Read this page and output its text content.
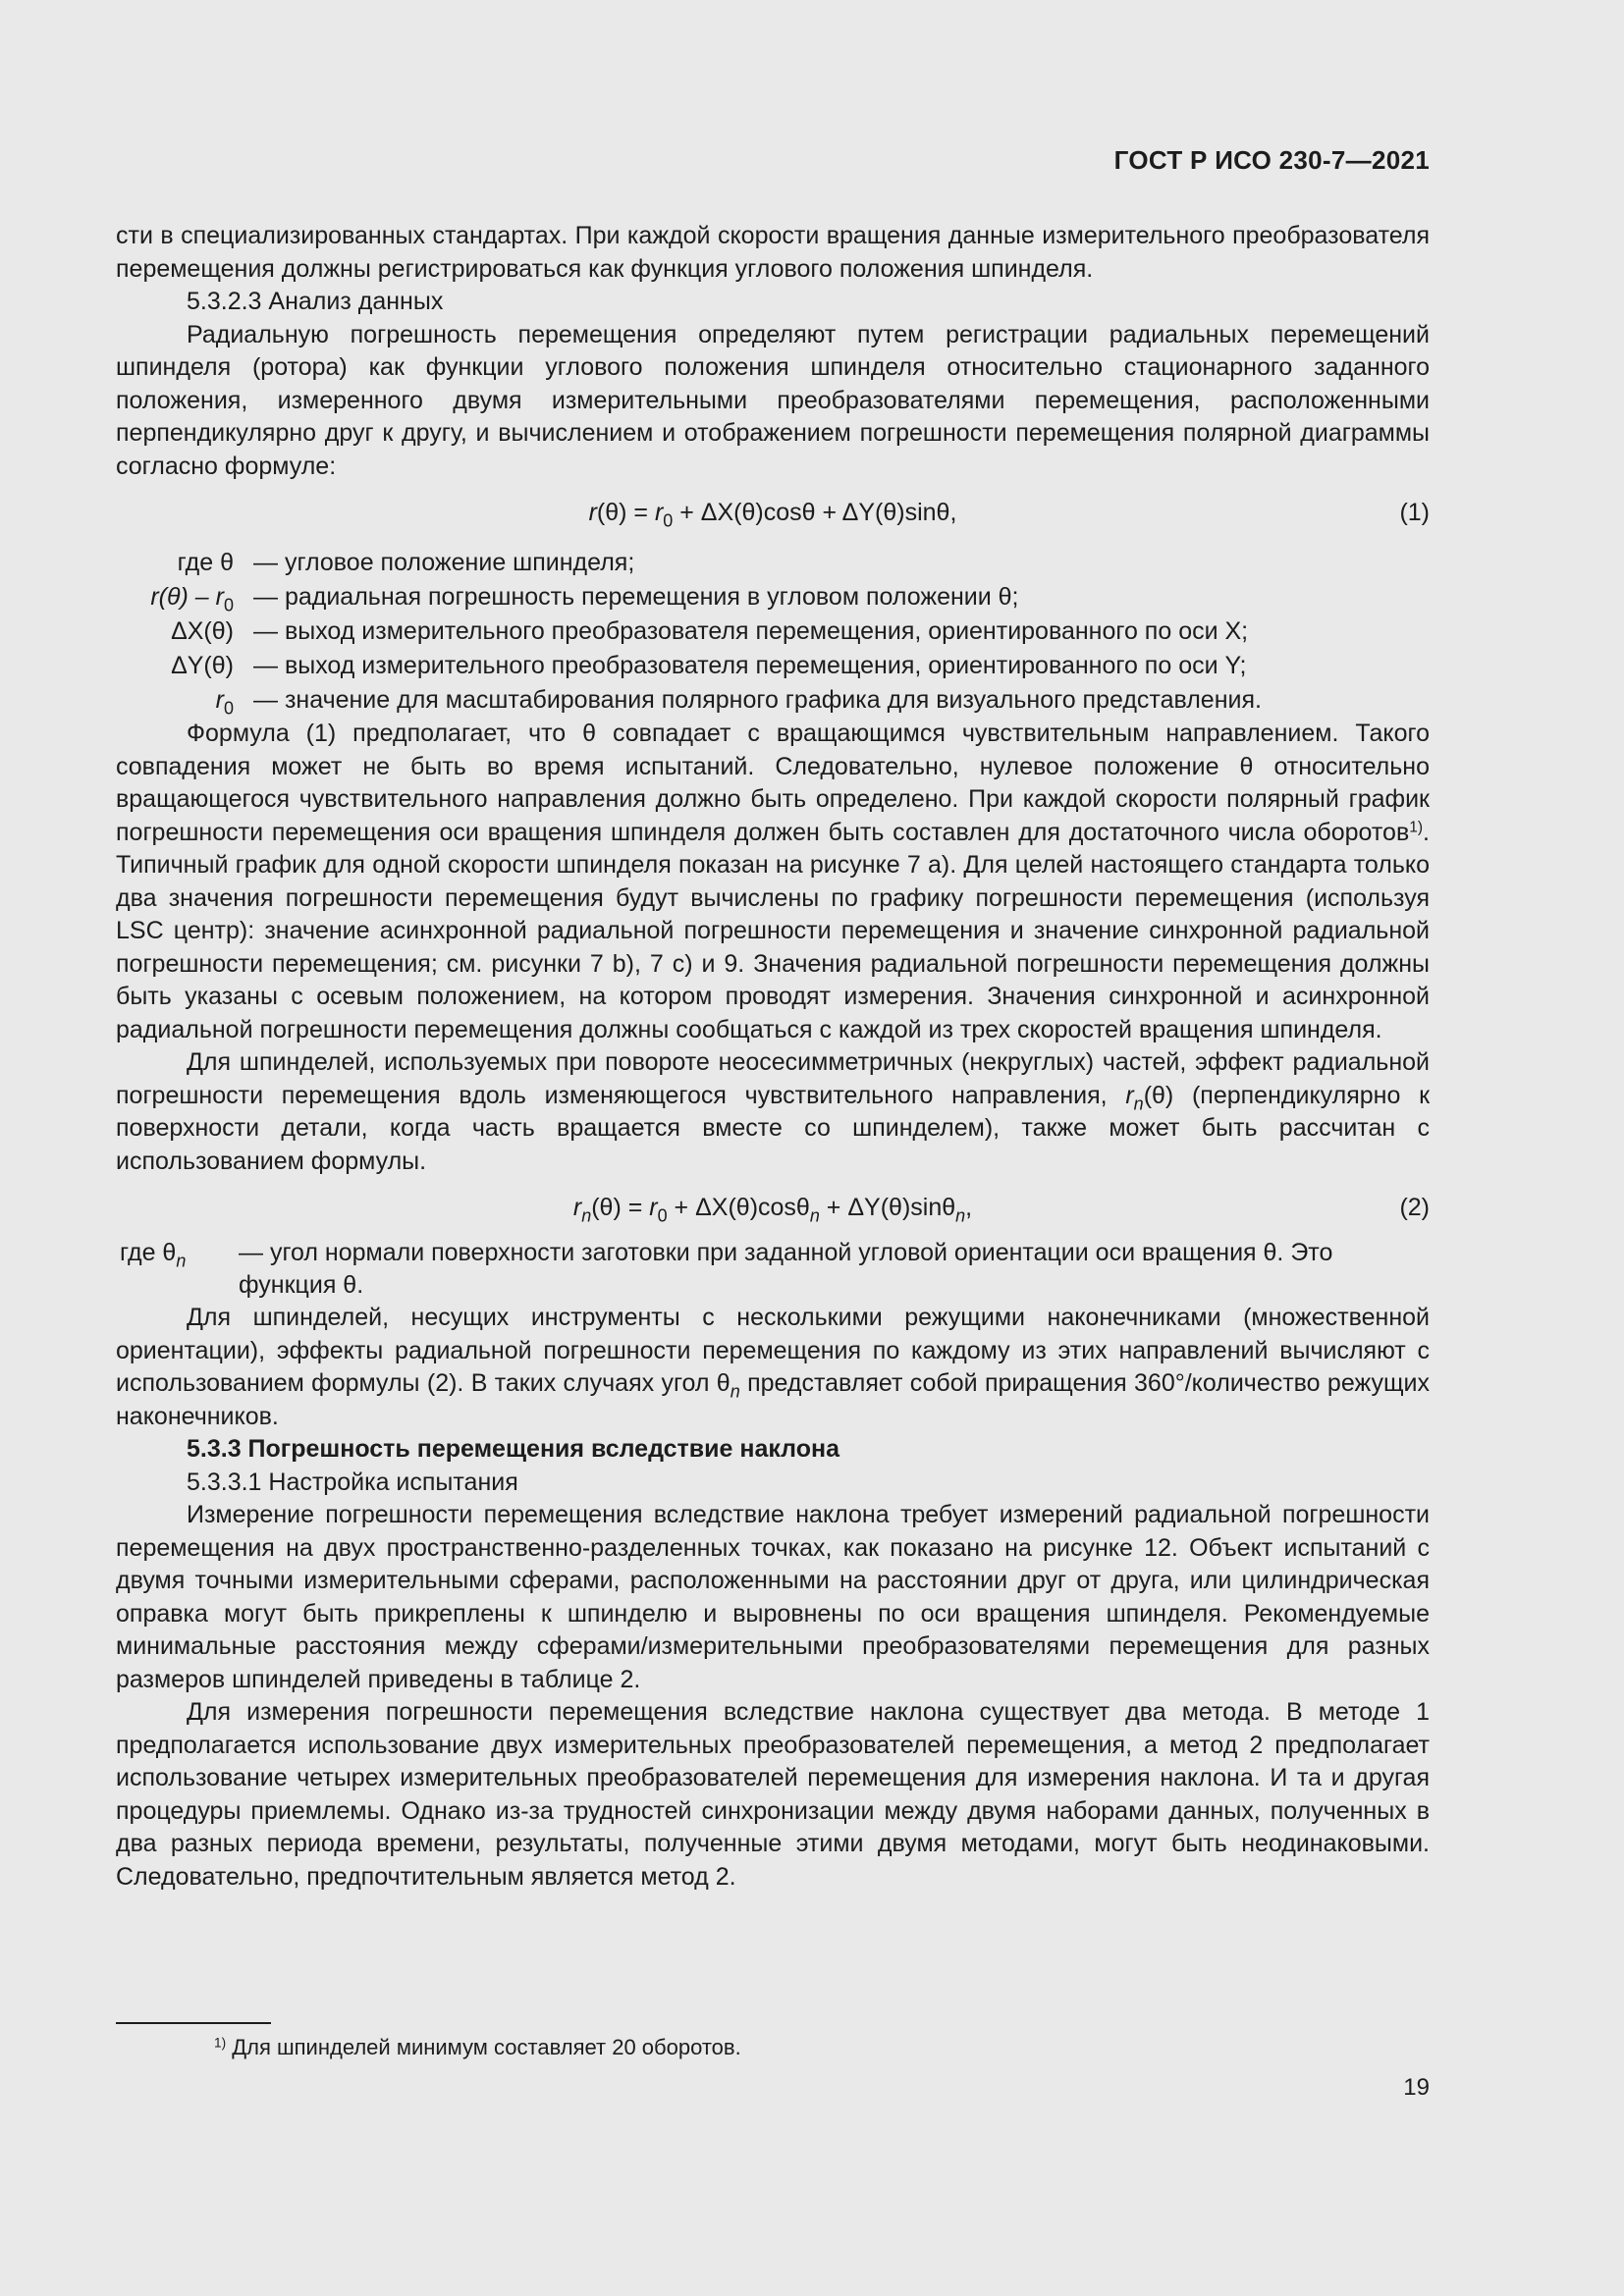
ГОСТ Р ИСО 230-7—2021

сти в специализированных стандартах. При каждой скорости вращения данные измерительного преобразователя перемещения должны регистрироваться как функция углового положения шпинделя.

5.3.2.3 Анализ данных

Радиальную погрешность перемещения определяют путем регистрации радиальных перемещений шпинделя (ротора) как функции углового положения шпинделя относительно стационарного заданного положения, измеренного двумя измерительными преобразователями перемещения, расположенными перпендикулярно друг к другу, и вычислением и отображением погрешности перемещения полярной диаграммы согласно формуле:

$r(\theta) = r_0 + \Delta X(\theta)\cos\theta + \Delta Y(\theta)\sin\theta$,	(1)
где θ — угловое положение шпинделя;
$r(\theta) - r_0$ — радиальная погрешность перемещения в угловом положении θ;
ΔX(θ) — выход измерительного преобразователя перемещения, ориентированного по оси X;
ΔY(θ) — выход измерительного преобразователя перемещения, ориентированного по оси Y;
$r_0$ — значение для масштабирования полярного графика для визуального представления.

Формула (1) предполагает, что θ совпадает с вращающимся чувствительным направлением. Такого совпадения может не быть во время испытаний. Следовательно, нулевое положение θ относительно вращающегося чувствительного направления должно быть определено. При каждой скорости полярный график погрешности перемещения оси вращения шпинделя должен быть составлен для достаточного числа оборотов$^{1)}$. Типичный график для одной скорости шпинделя показан на рисунке 7 a). Для целей настоящего стандарта только два значения погрешности перемещения будут вычислены по графику погрешности перемещения (используя LSC центр): значение асинхронной радиальной погрешности перемещения и значение синхронной радиальной погрешности перемещения; см. рисунки 7 b), 7 c) и 9. Значения радиальной погрешности перемещения должны быть указаны с осевым положением, на котором проводят измерения. Значения синхронной и асинхронной радиальной погрешности перемещения должны сообщаться с каждой из трех скоростей вращения шпинделя.

Для шпинделей, используемых при повороте неосесимметричных (некруглых) частей, эффект радиальной погрешности перемещения вдоль изменяющегося чувствительного направления, $r_n(\theta)$ (перпендикулярно к поверхности детали, когда часть вращается вместе со шпинделем), также может быть рассчитан с использованием формулы.

$r_n(\theta) = r_0 + \Delta X(\theta)\cos\theta_n + \Delta Y(\theta)\sin\theta_n$,	(2)
где $\theta_n$ — угол нормали поверхности заготовки при заданной угловой ориентации оси вращения θ. Это функция θ.

Для шпинделей, несущих инструменты с несколькими режущими наконечниками (множественной ориентации), эффекты радиальной погрешности перемещения по каждому из этих направлений вычисляют с использованием формулы (2). В таких случаях угол $\theta_n$ представляет собой приращения 360°/количество режущих наконечников.

5.3.3 Погрешность перемещения вследствие наклона

5.3.3.1 Настройка испытания

Измерение погрешности перемещения вследствие наклона требует измерений радиальной погрешности перемещения на двух пространственно-разделенных точках, как показано на рисунке 12. Объект испытаний с двумя точными измерительными сферами, расположенными на расстоянии друг от друга, или цилиндрическая оправка могут быть прикреплены к шпинделю и выровнены по оси вращения шпинделя. Рекомендуемые минимальные расстояния между сферами/измерительными преобразователями перемещения для разных размеров шпинделей приведены в таблице 2.

Для измерения погрешности перемещения вследствие наклона существует два метода. В методе 1 предполагается использование двух измерительных преобразователей перемещения, а метод 2 предполагает использование четырех измерительных преобразователей перемещения для измерения наклона. И та и другая процедуры приемлемы. Однако из-за трудностей синхронизации между двумя наборами данных, полученных в два разных периода времени, результаты, полученные этими двумя методами, могут быть неодинаковыми. Следовательно, предпочтительным является метод 2.

$^{1)}$ Для шпинделей минимум составляет 20 оборотов.
19
